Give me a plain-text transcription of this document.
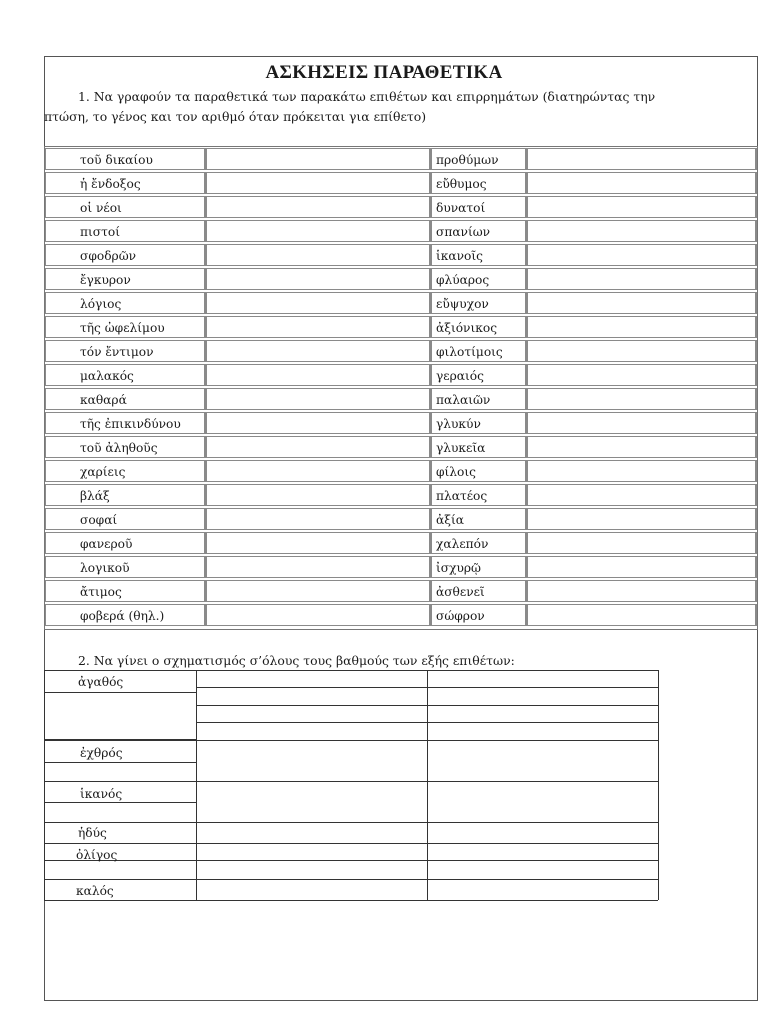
ΑΣΚΗΣΕΙΣ ΠΑΡΑΘΕΤΙΚΑ
1. Να γραφούν τα παραθετικά των παρακάτω επιθέτων και επιρρημάτων (διατηρώντας την
πτώση, το γένος και τον αριθμό όταν πρόκειται για επίθετο)
τοῦ δικαίου	προθύμων
ἡ ἔνδοξος	εὔθυμος
οἱ νέοι	δυνατοί
πιστοί	σπανίων
σφοδρῶν	ἱκανοῖς
ἔγκυρον	φλύαρος
λόγιος	εὔψυχον
τῆς ὠφελίμου	ἀξιόνικος
τόν ἔντιμον	φιλοτίμοις
μαλακός	γεραιός
καθαρά	παλαιῶν
τῆς ἐπικινδύνου	γλυκύν
τοῦ ἀληθοῦς	γλυκεῖα
χαρίεις	φίλοις
βλάξ	πλατέος
σοφαί	ἀξία
φανεροῦ	χαλεπόν
λογικοῦ	ἰσχυρῷ
ἄτιμος	ἀσθενεῖ
φοβερά (θηλ.)	σώφρον
2. Να γίνει ο σχηματισμός σ’όλους τους βαθμούς των εξής επιθέτων:
ἀγαθός
ἐχθρός
ἱκανός
ἡδύς
ὀλίγος
καλός
